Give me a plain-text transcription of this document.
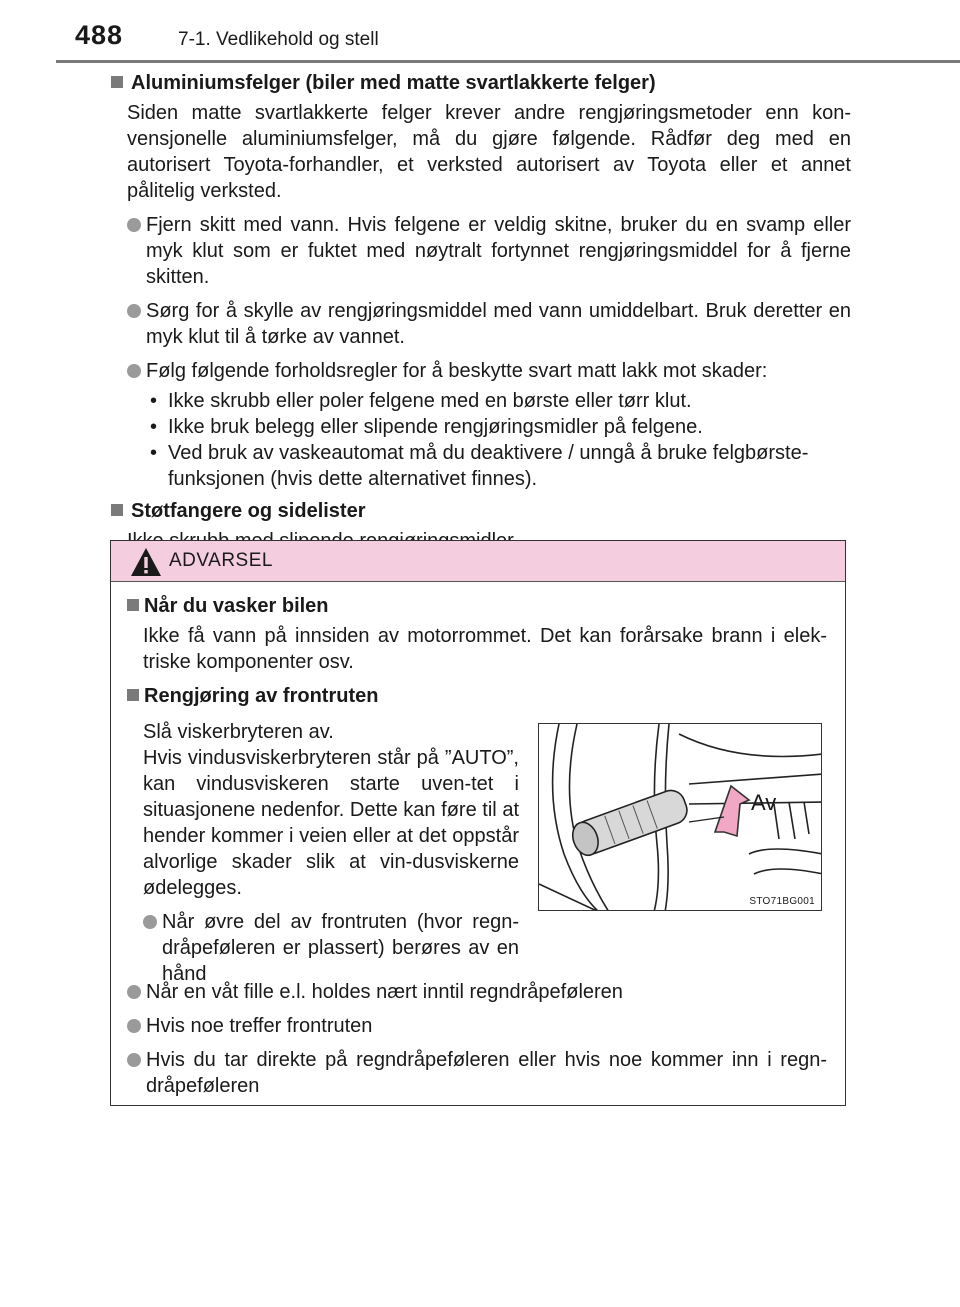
488	7-1. Vedlikehold og stell

Aluminiumsfelger (biler med matte svartlakkerte felger)

Siden matte svartlakkerte felger krever andre rengjøringsmetoder enn kon-vensjonelle aluminiumsfelger, må du gjøre følgende. Rådfør deg med en autorisert Toyota-forhandler, et verksted autorisert av Toyota eller et annet pålitelig verksted.

Fjern skitt med vann. Hvis felgene er veldig skitne, bruker du en svamp eller myk klut som er fuktet med nøytralt fortynnet rengjøringsmiddel for å fjerne skitten.
Sørg for å skylle av rengjøringsmiddel med vann umiddelbart. Bruk deretter en myk klut til å tørke av vannet.
Følg følgende forholdsregler for å beskytte svart matt lakk mot skader:
• Ikke skrubb eller poler felgene med en børste eller tørr klut.
• Ikke bruk belegg eller slipende rengjøringsmidler på felgene.
• Ved bruk av vaskeautomat må du deaktivere / unngå å bruke felgbørste-funksjonen (hvis dette alternativet finnes).

Støtfangere og sidelister

ADVARSEL

Når du vasker bilen

Ikke få vann på innsiden av motorrommet. Det kan forårsake brann i elek-triske komponenter osv.

Rengjøring av frontruten

Slå viskerbryteren av.

Hvis vindusviskerbryteren står på ”AUTO”, kan vindusviskeren starte uven-tet i situasjonene nedenfor. Dette kan føre til at hender kommer i veien eller at det oppstår alvorlige skader slik at vin-dusviskerne ødelegges.

Når øvre del av frontruten (hvor regn-dråpeføleren er plassert) berøres av en hånd
Av
STO71BG001
Når en våt fille e.l. holdes nært inntil regndråpeføleren
Hvis noe treffer frontruten
Hvis du tar direkte på regndråpeføleren eller hvis noe kommer inn i regn-dråpeføleren
